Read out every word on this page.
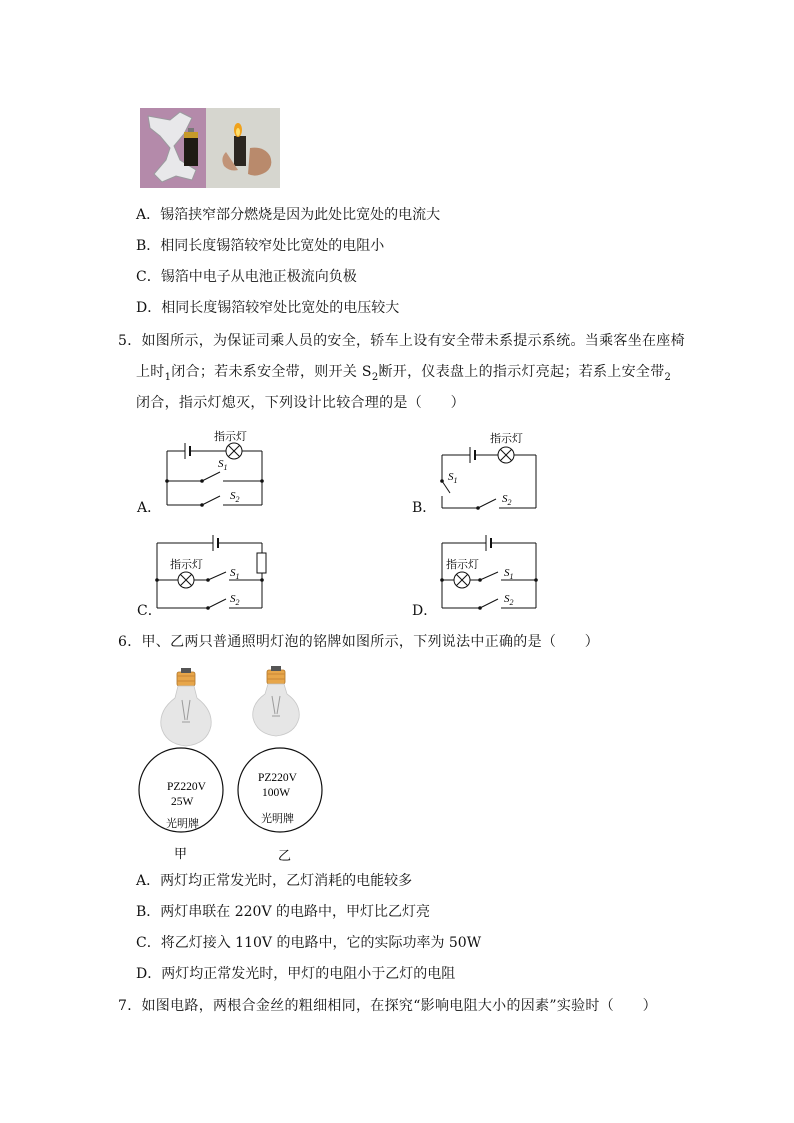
A．锡箔挟窄部分燃烧是因为此处比宽处的电流大
B．相同长度锡箔较窄处比宽处的电阻小
C．锡箔中电子从电池正极流向负极
D．相同长度锡箔较窄处比宽处的电压较大
5．如图所示，为保证司乘人员的安全，轿车上设有安全带未系提示系统。当乘客坐在座椅
上时$_1$闭合；若未系安全带，则开关 $S_2$断开，仪表盘上的指示灯亮起；若系上安全带$_2$
闭合，指示灯熄灭，下列设计比较合理的是（　　）
指示灯
$S_1$
$S_2$
指示灯
$S_1$
$S_2$
指示灯
$S_1$
$S_2$
指示灯
$S_1$
$S_2$
A．	B．
C．	D．
6．甲、乙两只普通照明灯泡的铭牌如图所示，下列说法中正确的是（　　）
PZ220V
25W
光明牌
PZ220V
100W
光明牌
甲	乙
A．两灯均正常发光时，乙灯消耗的电能较多
B．两灯串联在 220V 的电路中，甲灯比乙灯亮
C．将乙灯接入 110V 的电路中，它的实际功率为 50W
D．两灯均正常发光时，甲灯的电阻小于乙灯的电阻
7．如图电路，两根合金丝的粗细相同，在探究“影响电阻大小的因素”实验时（　　）
